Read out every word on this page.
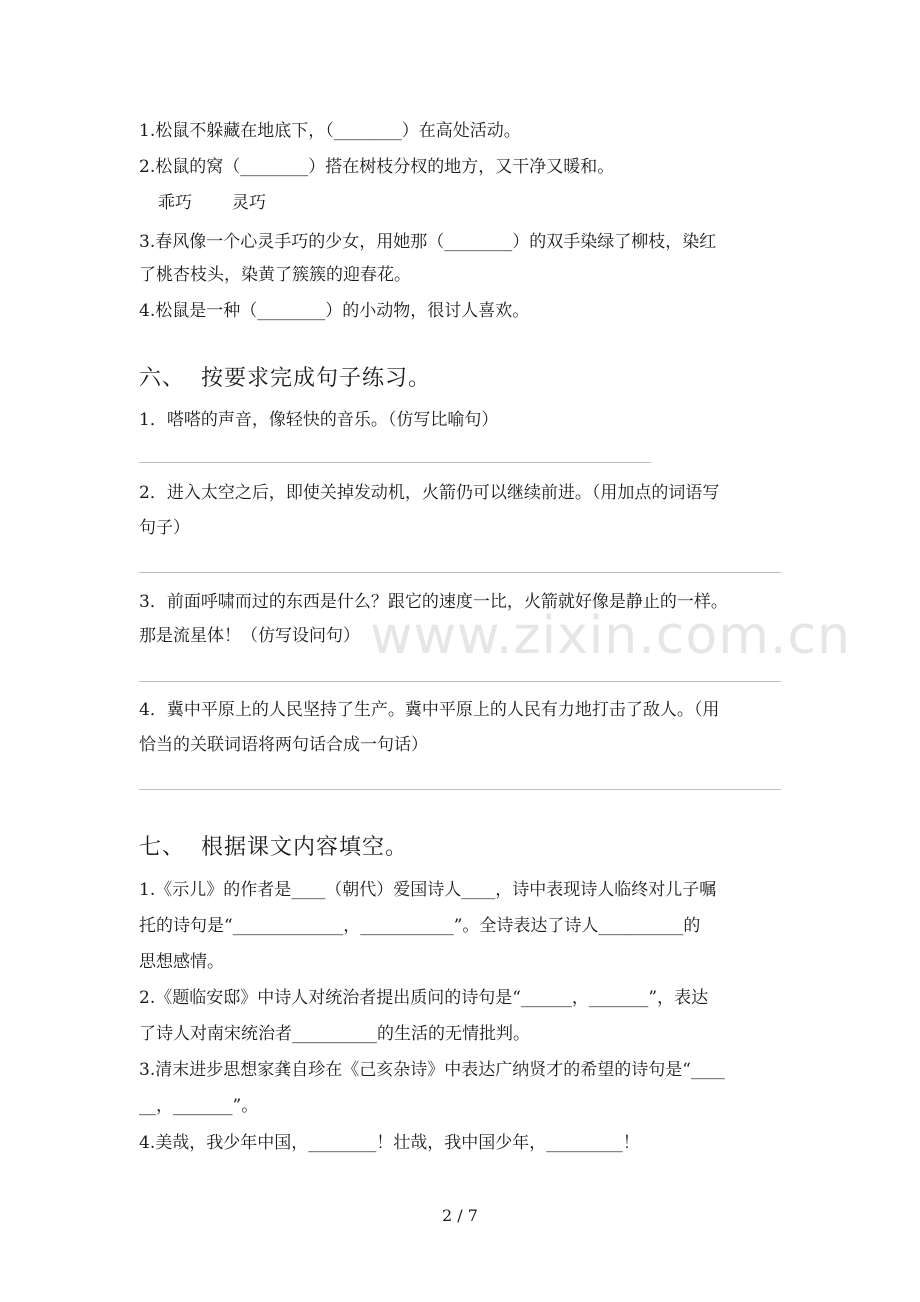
www.zixin.com.cn
1.松鼠不躲藏在地底下，（________）在高处活动。
2.松鼠的窝（________）搭在树枝分杈的地方，又干净又暖和。
乖巧 灵巧
3.春风像一个心灵手巧的少女，用她那（________）的双手染绿了柳枝，染红
了桃杏枝头，染黄了簇簇的迎春花。
4.松鼠是一种（________）的小动物，很讨人喜欢。
六、 按要求完成句子练习。
1．嗒嗒的声音，像轻快的音乐。（仿写比喻句）
2．进入太空之后，即使关掉发动机，火箭仍可以继续前进。（用加点的词语写
句子）
3．前面呼啸而过的东西是什么？跟它的速度一比，火箭就好像是静止的一样。
那是流星体！（仿写设问句）
4．冀中平原上的人民坚持了生产。冀中平原上的人民有力地打击了敌人。（用
恰当的关联词语将两句话合成一句话）
七、 根据课文内容填空。
1.《示儿》的作者是____（朝代）爱国诗人____，诗中表现诗人临终对儿子嘱
托的诗句是“_____________，___________”。全诗表达了诗人__________的
思想感情。
2.《题临安邸》中诗人对统治者提出质问的诗句是“______，_______”，表达
了诗人对南宋统治者__________的生活的无情批判。
3.清末进步思想家龚自珍在《己亥杂诗》中表达广纳贤才的希望的诗句是“____
__，_______”。
4.美哉，我少年中国，________！壮哉，我中国少年，_________！
2 / 7
